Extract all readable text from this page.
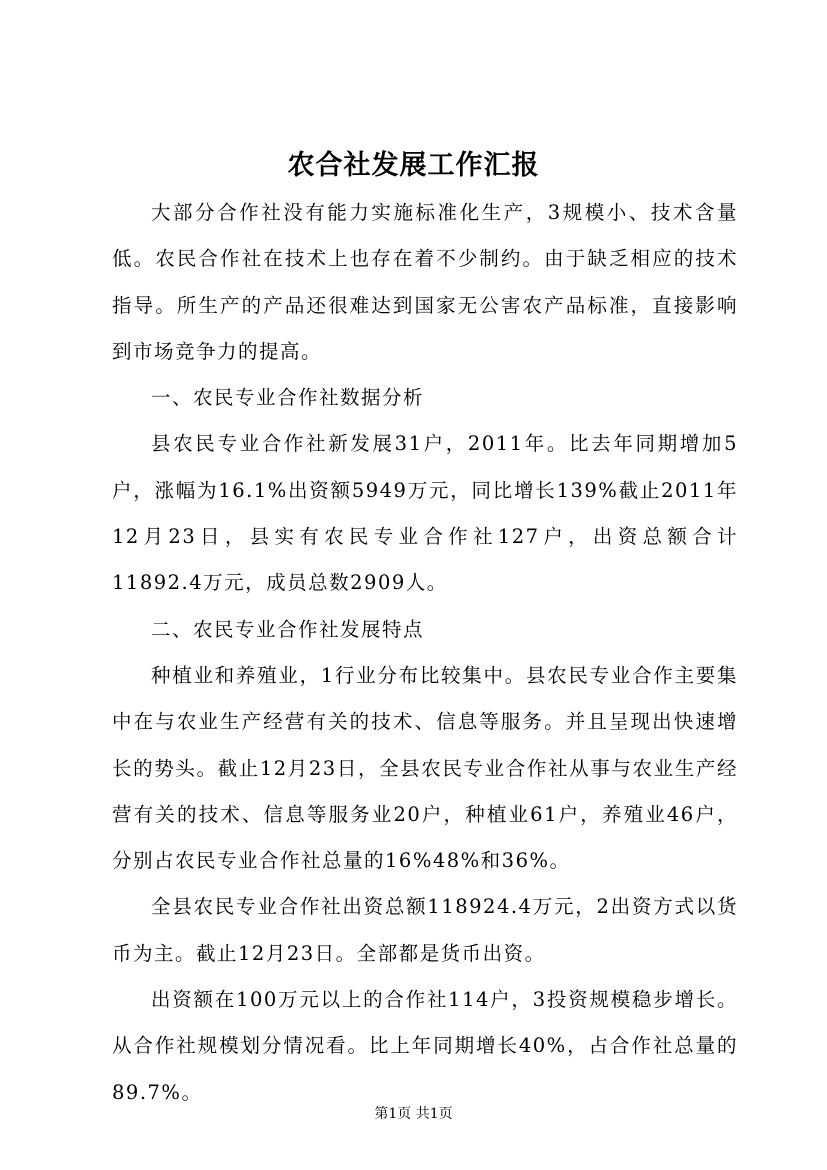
农合社发展工作汇报

大部分合作社没有能力实施标准化生产，3规模小、技术含量低。农民合作社在技术上也存在着不少制约。由于缺乏相应的技术指导。所生产的产品还很难达到国家无公害农产品标准，直接影响到市场竞争力的提高。

一、农民专业合作社数据分析

县农民专业合作社新发展31户，2011年。比去年同期增加5户，涨幅为16.1%出资额5949万元，同比增长139%截止2011年12月23日，县实有农民专业合作社127户，出资总额合计11892.4万元，成员总数2909人。

二、农民专业合作社发展特点

种植业和养殖业，1行业分布比较集中。县农民专业合作主要集中在与农业生产经营有关的技术、信息等服务。并且呈现出快速增长的势头。截止12月23日，全县农民专业合作社从事与农业生产经营有关的技术、信息等服务业20户，种植业61户，养殖业46户，分别占农民专业合作社总量的16%48%和36%。

全县农民专业合作社出资总额118924.4万元，2出资方式以货币为主。截止12月23日。全部都是货币出资。

出资额在100万元以上的合作社114户，3投资规模稳步增长。从合作社规模划分情况看。比上年同期增长40%，占合作社总量的89.7%。

第1页 共1页
